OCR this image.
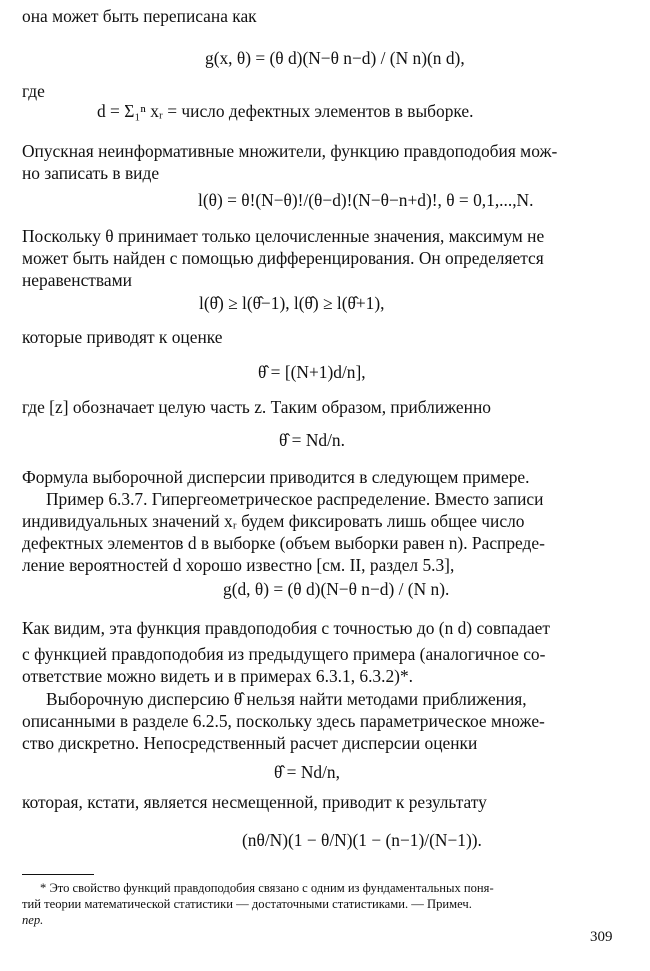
она может быть переписана как
g(x, θ) = (θ d)(N−θ n−d) / (N n)(n d),
где
d = Σ₁ⁿ xᵣ = число дефектных элементов в выборке.
Опускная неинформативные множители, функцию правдоподобия мож-
но записать в виде
l(θ) = θ!(N−θ)!/(θ−d)!(N−θ−n+d)!, θ = 0,1,...,N.
Поскольку θ принимает только целочисленные значения, максимум не
может быть найден с помощью дифференцирования. Он определяется
неравенствами
l(θ̂) ≥ l(θ̂−1), l(θ̂) ≥ l(θ̂+1),
которые приводят к оценке
θ̂ = [(N+1)d/n],
где [z] обозначает целую часть z. Таким образом, приближенно
θ̂ = Nd/n.
Формула выборочной дисперсии приводится в следующем примере.
Пример 6.3.7. Гипергеометрическое распределение. Вместо записи
индивидуальных значений xᵣ будем фиксировать лишь общее число
дефектных элементов d в выборке (объем выборки равен n). Распреде-
ление вероятностей d хорошо известно [см. II, раздел 5.3],
g(d, θ) = (θ d)(N−θ n−d) / (N n).
Как видим, эта функция правдоподобия с точностью до (n d) совпадает
с функцией правдоподобия из предыдущего примера (аналогичное со-
ответствие можно видеть и в примерах 6.3.1, 6.3.2)*.
Выборочную дисперсию θ̂ нельзя найти методами приближения,
описанными в разделе 6.2.5, поскольку здесь параметрическое множе-
ство дискретно. Непосредственный расчет дисперсии оценки
θ̂ = Nd/n,
которая, кстати, является несмещенной, приводит к результату
(nθ/N)(1 − θ/N)(1 − (n−1)/(N−1)).
* Это свойство функций правдоподобия связано с одним из фундаментальных поня-
тий теории математической статистики — достаточными статистиками. — Примеч.
пер.
309
